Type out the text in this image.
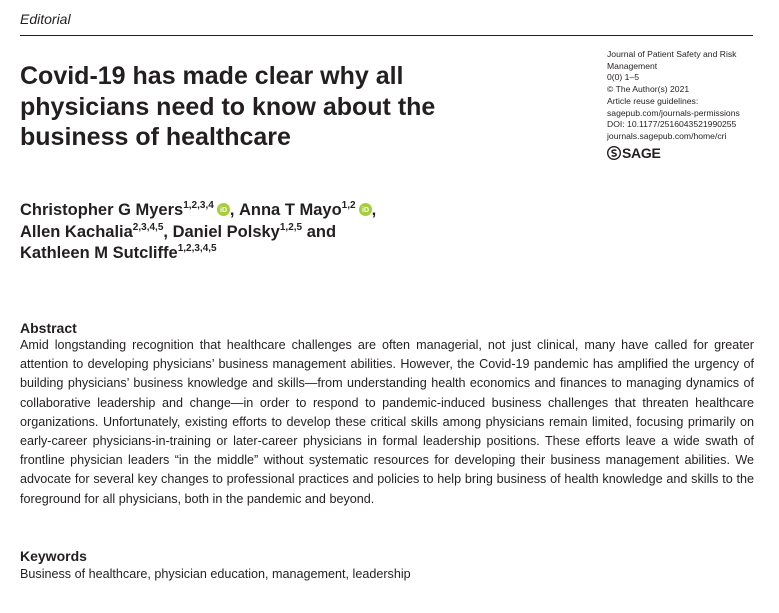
Editorial
Covid-19 has made clear why all physicians need to know about the business of healthcare
Journal of Patient Safety and Risk
Management
0(0) 1–5
© The Author(s) 2021
Article reuse guidelines:
sagepub.com/journals-permissions
DOI: 10.1177/2516043521990255
journals.sagepub.com/home/cri
SAGE
Christopher G Myers$^{1,2,3,4}$ iD , Anna T Mayo$^{1,2}$ iD ,
Allen Kachalia$^{2,3,4,5}$, Daniel Polsky$^{1,2,5}$ and
Kathleen M Sutcliffe$^{1,2,3,4,5}$
Abstract

Amid longstanding recognition that healthcare challenges are often managerial, not just clinical, many have called for greater attention to developing physicians’ business management abilities. However, the Covid-19 pandemic has amplified the urgency of building physicians’ business knowledge and skills—from understanding health economics and finances to managing dynamics of collaborative leadership and change—in order to respond to pandemic-induced business challenges that threaten healthcare organizations. Unfortunately, existing efforts to develop these critical skills among physicians remain limited, focusing primarily on early-career physicians-in-training or later-career physicians in formal leadership positions. These efforts leave a wide swath of frontline physician leaders “in the middle” without systematic resources for developing their business management abilities. We advocate for several key changes to professional practices and policies to help bring business of health knowledge and skills to the foreground for all physicians, both in the pandemic and beyond.

Keywords
Business of healthcare, physician education, management, leadership
